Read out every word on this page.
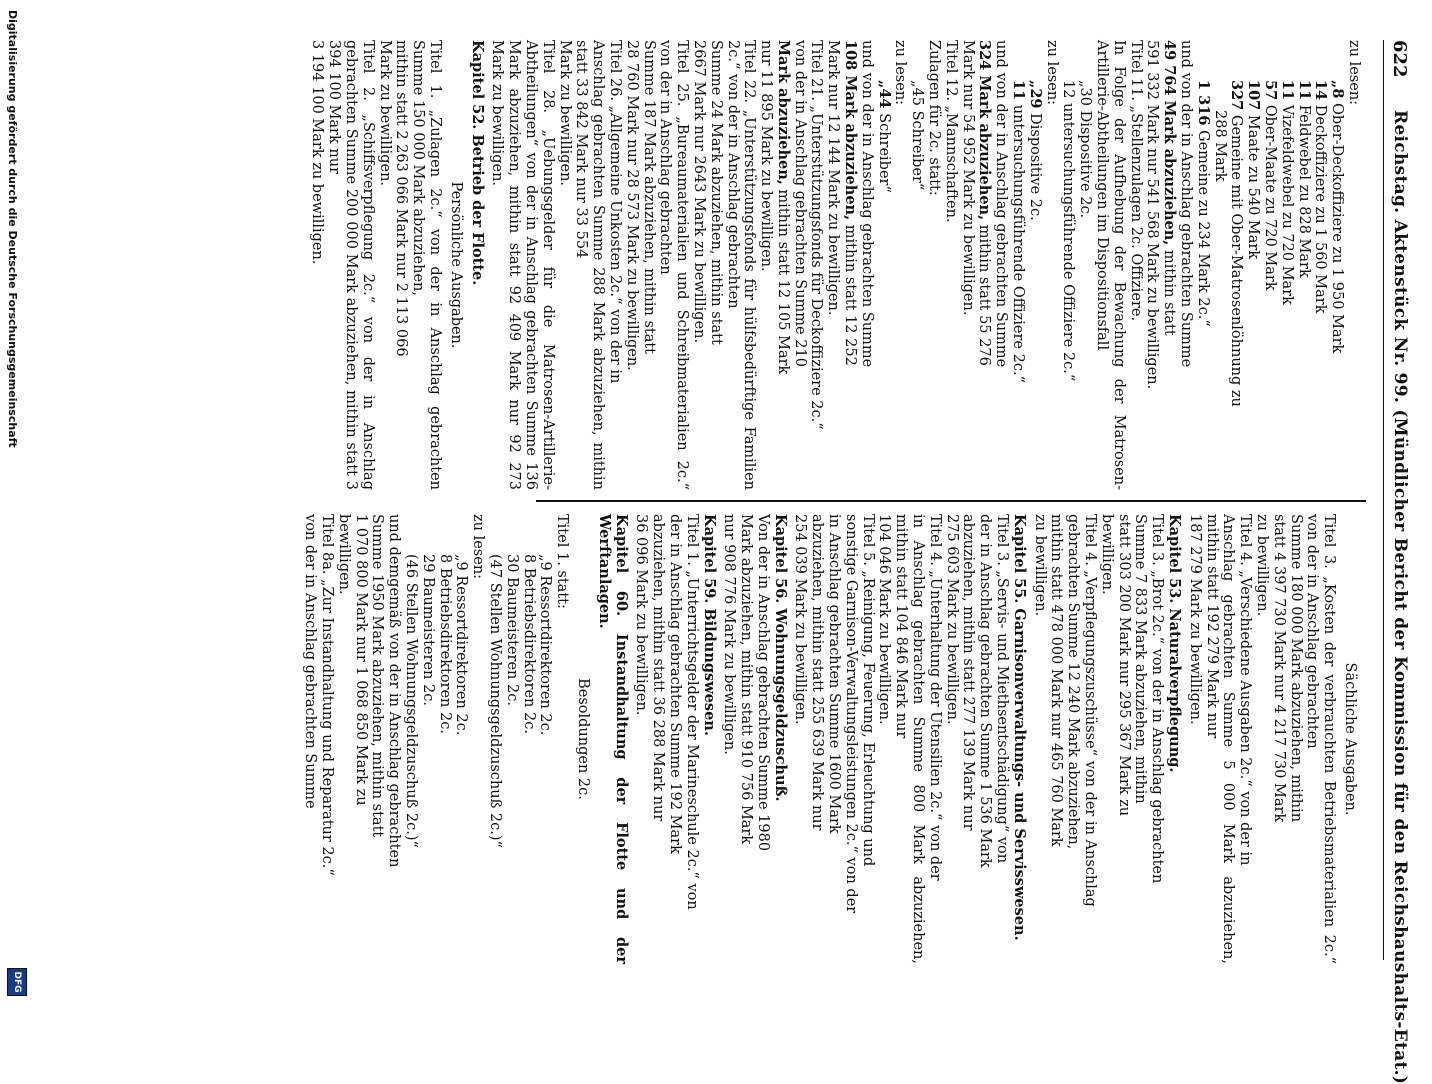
622
Reichstag. Aktenstück Nr. 99. (Mündlicher Bericht der Kommission für den Reichshaushalts-Etat.)

zu lesen:

„8 Ober-Deckoffiziere zu 1 950 Mark

14 Deckoffiziere zu 1 560 Mark

11 Feldwebel zu 828 Mark

11 Vizefeldwebel zu 720 Mark

57 Ober-Maate zu 720 Mark

107 Maate zu 540 Mark

327 Gemeine mit Ober-Matrosenlöhnung zu

288 Mark

1 316 Gemeine zu 234 Mark 2c.“

und von der in Anschlag gebrachten Summe

49 764 Mark abzuziehen, mithin statt

591 332 Mark nur 541 568 Mark zu bewilligen.

Titel 11. „Stellenzulagen 2c. Offiziere.

In Folge der Aufhebung der Bewachung der Matrosen-Artillerie-Abtheilungen im Dispositionsfall

„30 Dispositive 2c.

12 untersuchungsführende Offiziere 2c.“

zu lesen:

„29 Dispositive 2c.

11 untersuchungsführende Offiziere 2c.“

und von der in Anschlag gebrachten Summe

324 Mark abzuziehen, mithin statt 55 276

Mark nur 54 952 Mark zu bewilligen.

Titel 12. „Mannschaften.

Zulagen für 2c. statt:

„45 Schreiber“

zu lesen:

„44 Schreiber“

und von der in Anschlag gebrachten Summe

108 Mark abzuziehen, mithin statt 12 252

Mark nur 12 144 Mark zu bewilligen.

Titel 21. „Unterstützungsfonds für Deckoffiziere 2c.“

von der in Anschlag gebrachten Summe 210

Mark abzuziehen, mithin statt 12 105 Mark

nur 11 895 Mark zu bewilligen.

Titel 22. „Unterstützungsfonds für hülfsbedürftige Familien 2c.“ von der in Anschlag gebrachten

Summe 24 Mark abzuziehen, mithin statt

2667 Mark nur 2643 Mark zu bewilligen.

Titel 25. „Bureaumaterialien und Schreibmaterialien 2c.“ von der in Anschlag gebrachten

Summe 187 Mark abzuziehen, mithin statt

28 760 Mark nur 28 573 Mark zu bewilligen.

Titel 26. „Allgemeine Unkosten 2c.“ von der in

Anschlag gebrachten Summe 288 Mark abzuziehen, mithin statt 33 842 Mark nur 33 554

Mark zu bewilligen.

Titel 28. „Uebungsgelder für die Matrosen-Artillerie-Abtheilungen“ von der in Anschlag gebrachten Summe 136 Mark abzuziehen, mithin statt 92 409 Mark nur 92 273 Mark zu bewilligen.

Kapitel 52. Betrieb der Flotte.

Persönliche Ausgaben.

Titel 1. „Zulagen 2c.“ von der in Anschlag gebrachten Summe 150 000 Mark abzuziehen,

mithin statt 2 263 066 Mark nur 2 113 066

Mark zu bewilligen.

Titel 2. „Schiffsverpflegung 2c.“ von der in Anschlag gebrachten Summe 200 000 Mark abzuziehen, mithin statt 3 394 100 Mark nur

3 194 100 Mark zu bewilligen.

Sächliche Ausgaben.

Titel 3. „Kosten der verbrauchten Betriebsmaterialien 2c.“ von der in Anschlag gebrachten

Summe 180 000 Mark abzuziehen, mithin

statt 4 397 730 Mark nur 4 217 730 Mark

zu bewilligen.

Titel 4. „Verschiedene Ausgaben 2c.“ von der in

Anschlag gebrachten Summe 5 000 Mark abzuziehen, mithin statt 192 279 Mark nur

187 279 Mark zu bewilligen.

Kapitel 53. Naturalverpflegung.

Titel 3. „Brot 2c.“ von der in Anschlag gebrachten

Summe 7 833 Mark abzuziehen, mithin

statt 303 200 Mark nur 295 367 Mark zu

bewilligen.

Titel 4. „Verpflegungszuschüsse“ von der in Anschlag

gebrachten Summe 12 240 Mark abzuziehen,

mithin statt 478 000 Mark nur 465 760 Mark

zu bewilligen.

Kapitel 55. Garnisonverwaltungs- und Servisswesen.

Titel 3. „Servis- und Miethsentschädigung“ von

der in Anschlag gebrachten Summe 1 536 Mark

abzuziehen, mithin statt 277 139 Mark nur

275 603 Mark zu bewilligen.

Titel 4. „Unterhaltung der Utensilien 2c.“ von der

in Anschlag gebrachten Summe 800 Mark abzuziehen, mithin statt 104 846 Mark nur

104 046 Mark zu bewilligen.

Titel 5. „Reinigung, Feuerung, Erleuchtung und

sonstige Garnison-Verwaltungsleistungen 2c.“ von der

in Anschlag gebrachten Summe 1600 Mark

abzuziehen, mithin statt 255 639 Mark nur

254 039 Mark zu bewilligen.

Kapitel 56. Wohnungsgeldzuschuß.

Von der in Anschlag gebrachten Summe 1980

Mark abzuziehen, mithin statt 910 756 Mark

nur 908 776 Mark zu bewilligen.

Kapitel 59. Bildungswesen.

Titel 1. „Unterrichtsgelder der Marineschule 2c.“ von

der in Anschlag gebrachten Summe 192 Mark

abzuziehen, mithin statt 36 288 Mark nur

36 096 Mark zu bewilligen.

Kapitel 60. Instandhaltung der Flotte und der Werftanlagen.

Besoldungen 2c.

Titel 1. statt:

„9 Ressortdirektoren 2c.

8 Betriebsdirektoren 2c.

30 Baumeisteren 2c.

(47 Stellen Wohnungsgeldzuschuß 2c.)“

zu lesen:

„9 Ressortdirektoren 2c.

8 Betriebsdirektoren 2c.

29 Baumeisteren 2c.

(46 Stellen Wohnungsgeldzuschuß 2c.)“

und demgemäß von der in Anschlag gebrachten

Summe 1950 Mark abzuziehen, mithin statt

1 070 800 Mark nur 1 068 850 Mark zu

bewilligen.

Titel 8a. „Zur Instandhaltung und Reparatur 2c.“

von der in Anschlag gebrachten Summe

Digitalisierung gefördert durch die Deutsche Forschungsgemeinschaft
DFG
